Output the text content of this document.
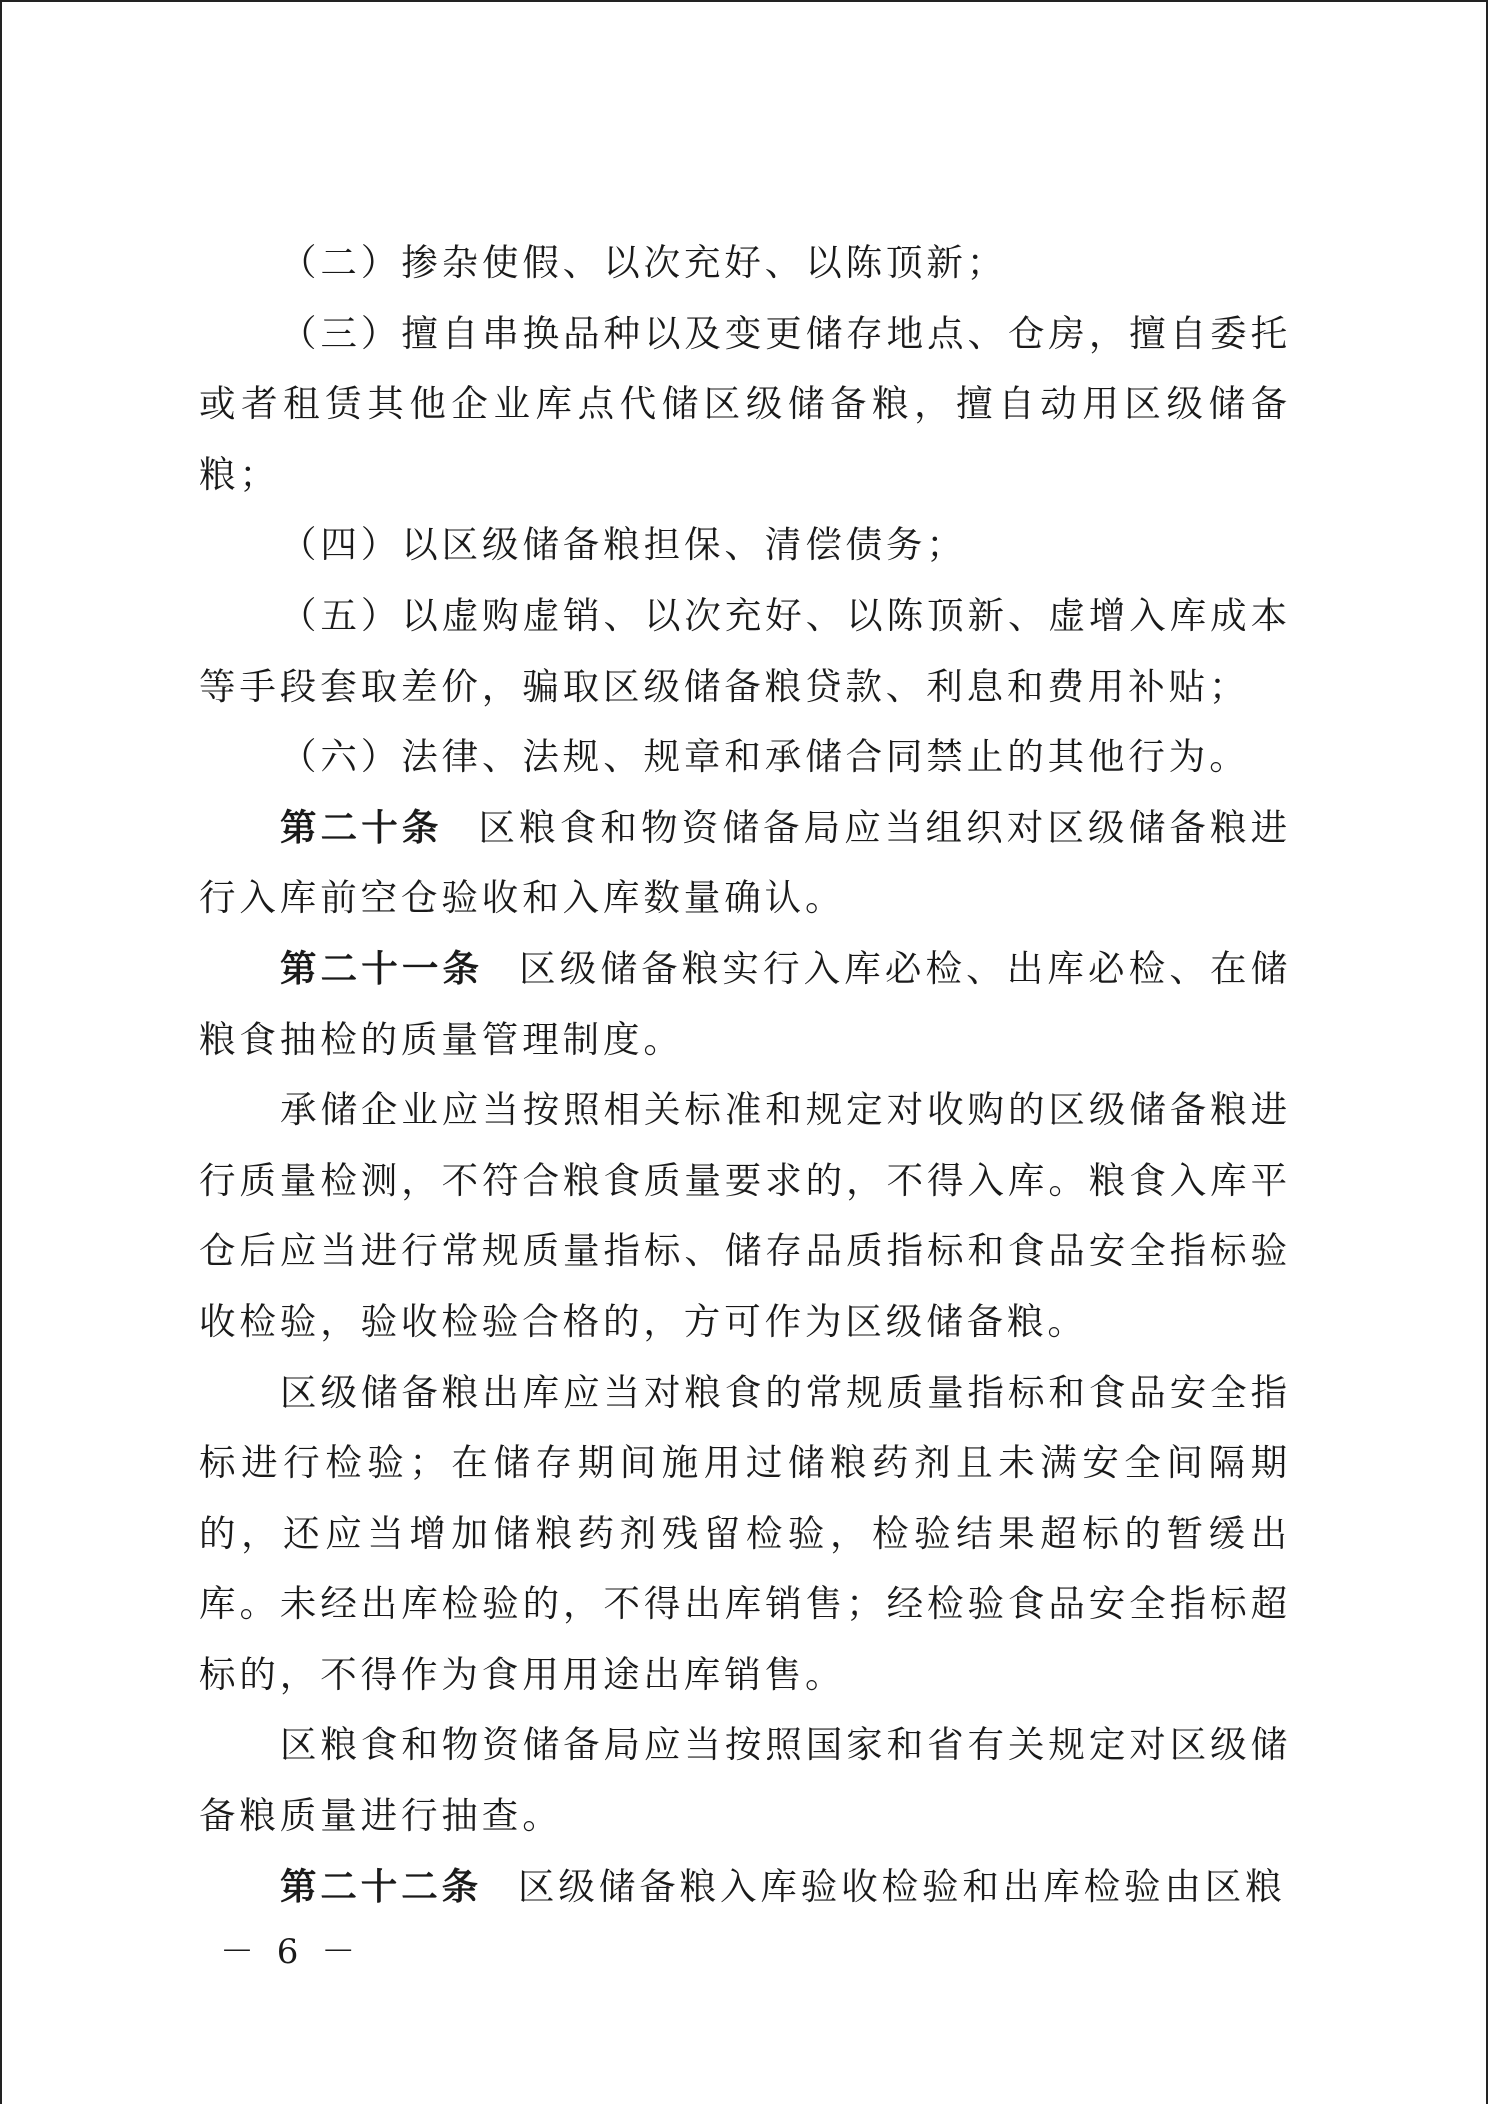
（二）掺杂使假、以次充好、以陈顶新；

（三）擅自串换品种以及变更储存地点、仓房，擅自委托或者租赁其他企业库点代储区级储备粮，擅自动用区级储备粮；

（四）以区级储备粮担保、清偿债务；

（五）以虚购虚销、以次充好、以陈顶新、虚增入库成本等手段套取差价，骗取区级储备粮贷款、利息和费用补贴；

（六）法律、法规、规章和承储合同禁止的其他行为。

第二十条 区粮食和物资储备局应当组织对区级储备粮进行入库前空仓验收和入库数量确认。

第二十一条 区级储备粮实行入库必检、出库必检、在储粮食抽检的质量管理制度。

承储企业应当按照相关标准和规定对收购的区级储备粮进行质量检测，不符合粮食质量要求的，不得入库。粮食入库平仓后应当进行常规质量指标、储存品质指标和食品安全指标验收检验，验收检验合格的，方可作为区级储备粮。

区级储备粮出库应当对粮食的常规质量指标和食品安全指标进行检验；在储存期间施用过储粮药剂且未满安全间隔期的，还应当增加储粮药剂残留检验，检验结果超标的暂缓出库。未经出库检验的，不得出库销售；经检验食品安全指标超标的，不得作为食用用途出库销售。

区粮食和物资储备局应当按照国家和省有关规定对区级储备粮质量进行抽查。

第二十二条 区级储备粮入库验收检验和出库检验由区粮

－ 6 －
